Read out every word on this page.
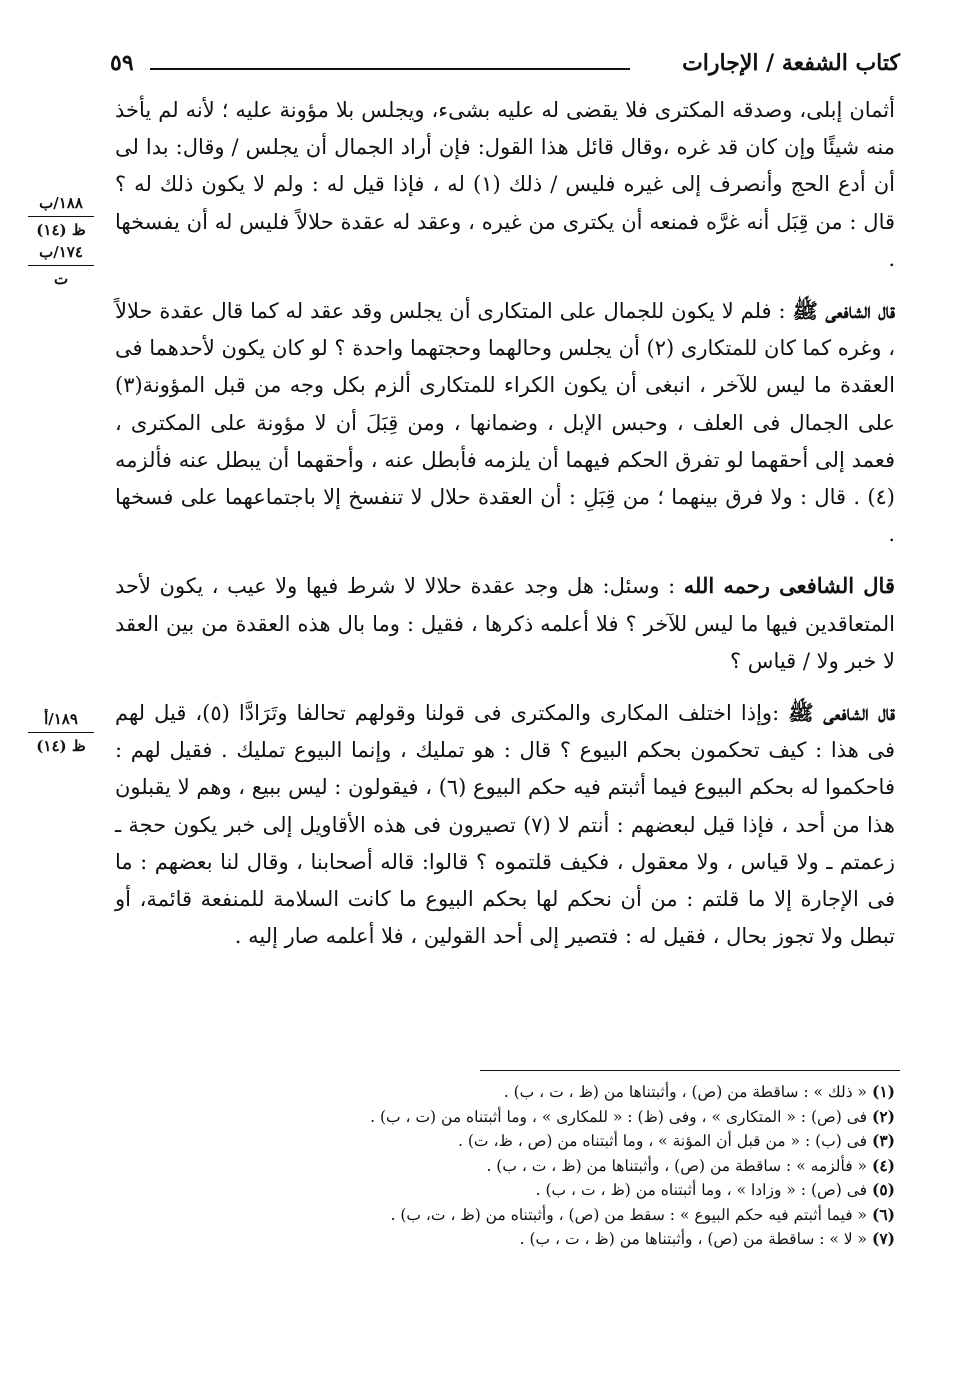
كتاب الشفعة / الإجارات
٥٩
١٨٨/ب
ظ (١٤)
١٧٤/ب
ت
١٨٩/أ
ظ (١٤)

أثمان إبلى، وصدقه المكترى فلا يقضى له عليه بشىء، ويجلس بلا مؤونة عليه ؛ لأنه لم يأخذ منه شيئًا وإن كان قد غره ،وقال قائل هذا القول: فإن أراد الجمال أن يجلس / وقال: بدا لى أن أدع الحج وأنصرف إلى غيره فليس / ذلك (١) له ، فإذا قيل له : ولم لا يكون ذلك له ؟ قال : من قِبَل أنه غرَّه فمنعه أن يكترى من غيره ، وعقد له عقدة حلالاً فليس له أن يفسخها .

قال الشافعى ﷺ : فلم لا يكون للجمال على المتكارى أن يجلس وقد عقد له كما قال عقدة حلالاً ، وغره كما كان للمتكارى (٢) أن يجلس وحالهما وحجتهما واحدة ؟ لو كان يكون لأحدهما فى العقدة ما ليس للآخر ، انبغى أن يكون الكراء للمتكارى ألزم بكل وجه من قبل المؤونة(٣) على الجمال فى العلف ، وحبس الإبل ، وضمانها ، ومن قِبَلَ أن لا مؤونة على المكترى ، فعمد إلى أحقهما لو تفرق الحكم فيهما أن يلزمه فأبطل عنه ، وأحقهما أن يبطل عنه فألزمه (٤) . قال : ولا فرق بينهما ؛ من قِبَلِ : أن العقدة حلال لا تنفسخ إلا باجتماعهما على فسخها .

قال الشافعى رحمه الله : وسئل: هل وجد عقدة حلالا لا شرط فيها ولا عيب ، يكون لأحد المتعاقدين فيها ما ليس للآخر ؟ فلا أعلمه ذكرها ، فقيل : وما بال هذه العقدة من بين العقد لا خبر ولا / قياس ؟

قال الشافعى ﷺ :وإذا اختلف المكارى والمكترى فى قولنا وقولهم تحالفا وتَرَادَّا (٥)، قيل لهم فى هذا : كيف تحكمون بحكم البيوع ؟ قال : هو تمليك ، وإنما البيوع تمليك . فقيل لهم : فاحكموا له بحكم البيوع فيما أثبتم فيه حكم البيوع (٦) ، فيقولون : ليس ببيع ، وهم لا يقبلون هذا من أحد ، فإذا قيل لبعضهم : أنتم لا (٧) تصيرون فى هذه الأقاويل إلى خبر يكون حجة ـ زعمتم ـ ولا قياس ، ولا معقول ، فكيف قلتموه ؟ قالوا: قاله أصحابنا ، وقال لنا بعضهم : ما فى الإجارة إلا ما قلتم : من أن نحكم لها بحكم البيوع ما كانت السلامة للمنفعة قائمة، أو تبطل ولا تجوز بحال ، فقيل له : فتصير إلى أحد القولين ، فلا أعلمه صار إليه .

(١) « ذلك » : ساقطة من (ص) ، وأثبتناها من (ظ ، ت ، ب) .
(٢) فى (ص) : « المتكارى » ، وفى (ظ) : « للمكارى » ، وما أثبتناه من (ت ، ب) .
(٣) فى (ب) : « من قبل أن المؤنة » ، وما أثبتناه من (ص ، ظ، ت) .
(٤) « فألزمه » : ساقطة من (ص) ، وأثبتناها من (ظ ، ت ، ب) .
(٥) فى (ص) : « وزادا » ، وما أثبتناه من (ظ ، ت ، ب) .
(٦) « فيما أثبتم فيه حكم البيوع » : سقط من (ص) ، وأثبتناه من (ظ ، ت، ب) .
(٧) « لا » : ساقطة من (ص) ، وأثبتناها من (ظ ، ت ، ب) .
